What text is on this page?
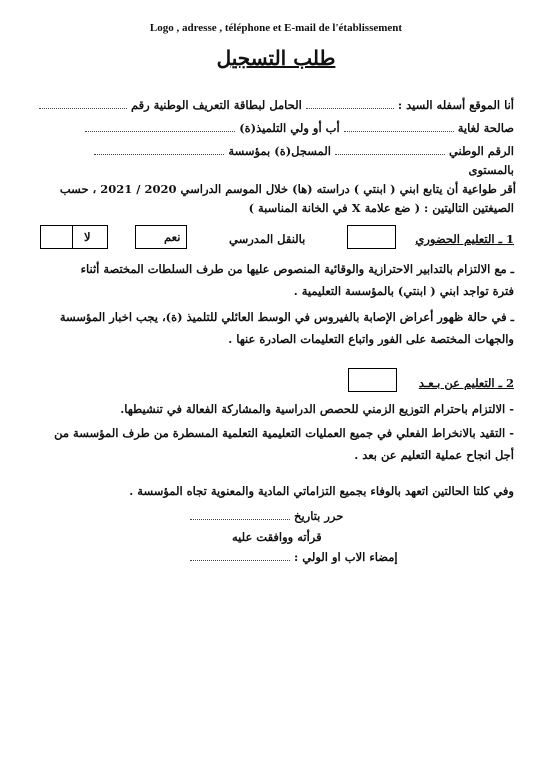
Logo , adresse , téléphone et E-mail de l'établissement
طلب التسجيل
أنا الموقع أسفله السيد :  الحامل لبطاقة التعريف الوطنية رقم
صالحة لغاية  أب أو ولي التلميذ(ة)
الرقم الوطني  المسجل(ة) بمؤسسة
بالمستوى
أقر طواعية أن يتابع ابني ( ابنتي ) دراسته (ها) خلال الموسم الدراسي 2020 / 2021 ، حسب
الصيغتين التاليتين : ( ضع علامة X في الخانة المناسبة )
1 ـ التعليم الحضوري
بالنقل المدرسي
نعم
لا
ـ مع الالتزام بالتدابير الاحترازية والوقائية المنصوص عليها من طرف السلطات المختصة أثناء
فترة تواجد ابني ( ابنتي) بالمؤسسة التعليمية .
ـ في حالة ظهور أعراض الإصابة بالفيروس في الوسط العائلي للتلميذ (ة)، يجب اخبار المؤسسة
والجهات المختصة على الفور واتباع التعليمات الصادرة عنها .
2 ـ التعليم عن بـعـد
- الالتزام باحترام التوزيع الزمني للحصص الدراسية والمشاركة الفعالة في تنشيطها.
- التقيد بالانخراط الفعلي في جميع العمليات التعليمية التعلمية المسطرة من طرف المؤسسة من
أجل انجاح عملية التعليم عن بعد .
وفي كلتا الحالتين اتعهد بالوفاء بجميع التزاماتي المادية والمعنوية تجاه المؤسسة .
حرر بتاريخ
قرأته ووافقت عليه
إمضاء الاب او الولي :
